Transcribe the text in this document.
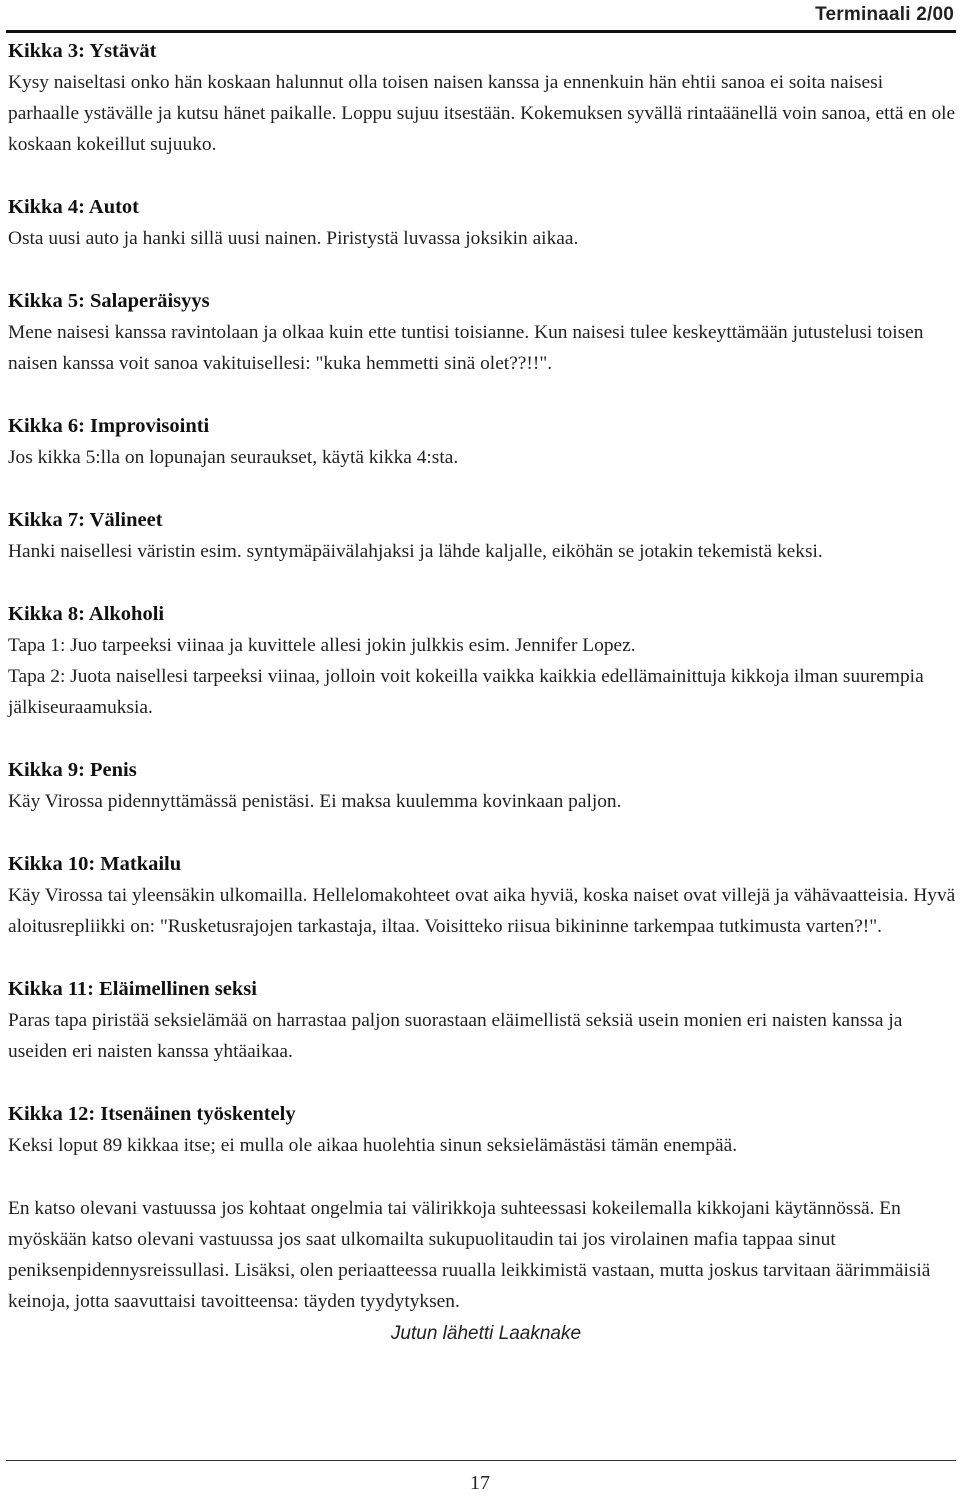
Terminaali 2/00
Kikka 3: Ystävät

Kysy naiseltasi onko hän koskaan halunnut olla toisen naisen kanssa ja ennenkuin hän ehtii sanoa ei soita naisesi parhaalle ystävälle ja kutsu hänet paikalle. Loppu sujuu itsestään. Kokemuksen syvällä rintaäänellä voin sanoa, että en ole koskaan kokeillut sujuuko.

Kikka 4: Autot

Osta uusi auto ja hanki sillä uusi nainen. Piristystä luvassa joksikin aikaa.

Kikka 5: Salaperäisyys

Mene naisesi kanssa ravintolaan ja olkaa kuin ette tuntisi toisianne. Kun naisesi tulee keskeyttämään jutustelusi toisen naisen kanssa voit sanoa vakituisellesi: "kuka hemmetti sinä olet??!!".

Kikka 6: Improvisointi

Jos kikka 5:lla on lopunajan seuraukset, käytä kikka 4:sta.

Kikka 7: Välineet

Hanki naisellesi väristin esim. syntymäpäivälahjaksi ja lähde kaljalle, eiköhän se jotakin tekemistä keksi.

Kikka 8: Alkoholi

Tapa 1: Juo tarpeeksi viinaa ja kuvittele allesi jokin julkkis esim. Jennifer Lopez.

Tapa 2: Juota naisellesi tarpeeksi viinaa, jolloin voit kokeilla vaikka kaikkia edellämainittuja kikkoja ilman suurempia jälkiseuraamuksia.

Kikka 9: Penis

Käy Virossa pidennyttämässä penistäsi. Ei maksa kuulemma kovinkaan paljon.

Kikka 10: Matkailu

Käy Virossa tai yleensäkin ulkomailla. Hellelomakohteet ovat aika hyviä, koska naiset ovat villejä ja vähävaatteisia. Hyvä aloitusrepliikki on: "Rusketusrajojen tarkastaja, iltaa. Voisitteko riisua bikininne tarkempaa tutkimusta varten?!".

Kikka 11: Eläimellinen seksi

Paras tapa piristää seksielämää on harrastaa paljon suorastaan eläimellistä seksiä usein monien eri naisten kanssa ja useiden eri naisten kanssa yhtäaikaa.

Kikka 12: Itsenäinen työskentely

Keksi loput 89 kikkaa itse; ei mulla ole aikaa huolehtia sinun seksielämästäsi tämän enempää.

En katso olevani vastuussa jos kohtaat ongelmia tai välirikkoja suhteessasi kokeilemalla kikkojani käytännössä. En myöskään katso olevani vastuussa jos saat ulkomailta sukupuolitaudin tai jos virolainen mafia tappaa sinut peniksenpidennysreissullasi. Lisäksi, olen periaatteessa ruualla leikkimistä vastaan, mutta joskus tarvitaan äärimmäisiä keinoja, jotta saavuttaisi tavoitteensa: täyden tyydytyksen.

Jutun lähetti Laaknake
17
